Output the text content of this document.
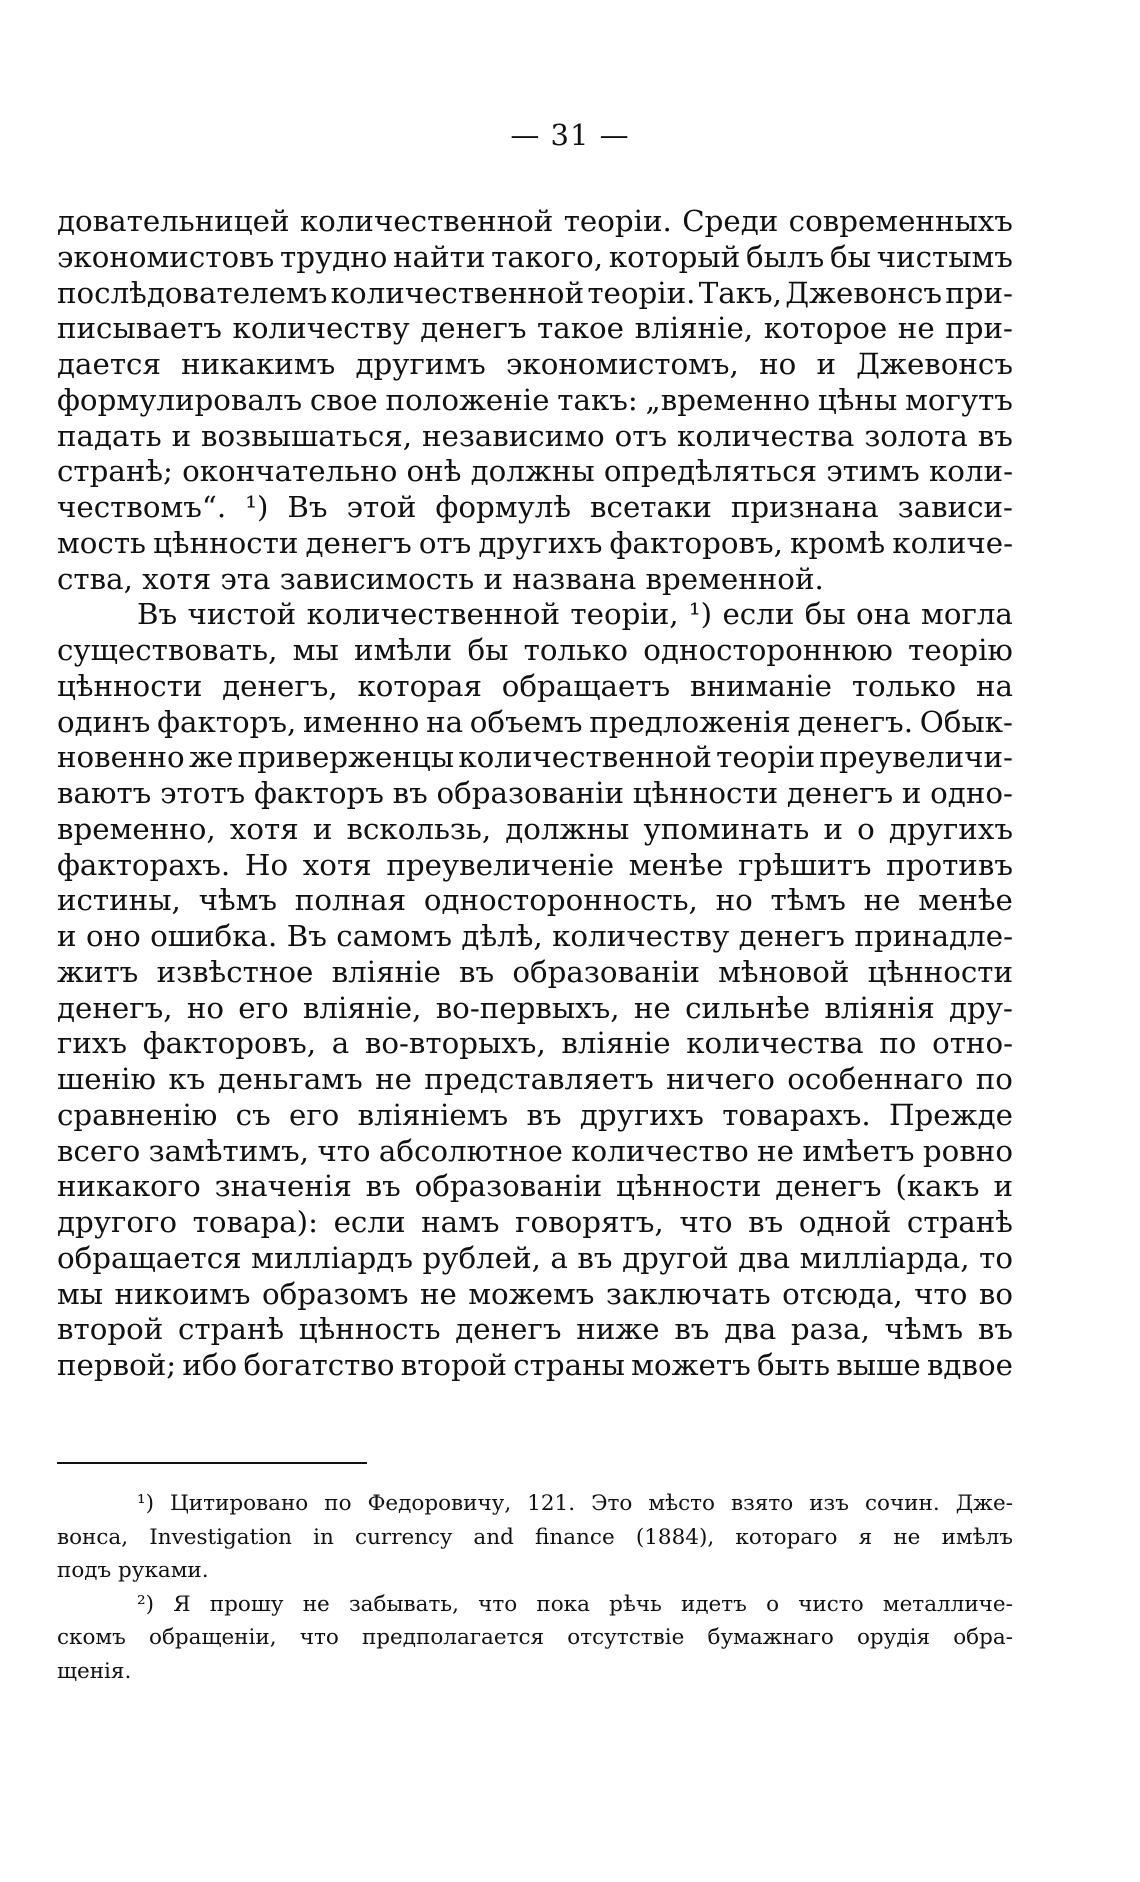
— 31 —
довательницей количественной теорiи. Среди современныхъ
экономистовъ трудно найти такого, который былъ бы чистымъ
послѣдователемъ количественной теорiи. Такъ, Джевонсъ при-
писываетъ количеству денегъ такое влiянiе, которое не при-
дается никакимъ другимъ экономистомъ, но и Джевонсъ
формулировалъ свое положенiе такъ: „временно цѣны могутъ
падать и возвышаться, независимо отъ количества золота въ
странѣ; окончательно онѣ должны опредѣляться этимъ коли-
чествомъ“. ¹) Въ этой формулѣ всетаки признана зависи-
мость цѣнности денегъ отъ другихъ факторовъ, кромѣ количе-
ства, хотя эта зависимость и названа временной.
Въ чистой количественной теорiи, ¹) если бы она могла
существовать, мы имѣли бы только одностороннюю теорiю
цѣнности денегъ, которая обращаетъ вниманiе только на
одинъ факторъ, именно на объемъ предложенiя денегъ. Обык-
новенно же приверженцы количественной теорiи преувеличи-
ваютъ этотъ факторъ въ образованiи цѣнности денегъ и одно-
временно, хотя и вскользь, должны упоминать и о другихъ
факторахъ. Но хотя преувеличенiе менѣе грѣшитъ противъ
истины, чѣмъ полная односторонность, но тѣмъ не менѣе
и оно ошибка. Въ самомъ дѣлѣ, количеству денегъ принадле-
житъ извѣстное влiянiе въ образованiи мѣновой цѣнности
денегъ, но его влiянiе, во-первыхъ, не сильнѣе влiянiя дру-
гихъ факторовъ, а во-вторыхъ, влiянiе количества по отно-
шенiю къ деньгамъ не представляетъ ничего особеннаго по
сравненiю съ его влiянiемъ въ другихъ товарахъ. Прежде
всего замѣтимъ, что абсолютное количество не имѣетъ ровно
никакого значенiя въ образованiи цѣнности денегъ (какъ и
другого товара): если намъ говорятъ, что въ одной странѣ
обращается миллiардъ рублей, а въ другой два миллiарда, то
мы никоимъ образомъ не можемъ заключать отсюда, что во
второй странѣ цѣнность денегъ ниже въ два раза, чѣмъ въ
первой; ибо богатство второй страны можетъ быть выше вдвое
¹) Цитировано по Федоровичу, 121. Это мѣсто взято изъ сочин. Дже-
вонса, Investigation in currency and finance (1884), котораго я не имѣлъ
подъ руками.
²) Я прошу не забывать, что пока рѣчь идетъ о чисто металличе-
скомъ обращенiи, что предполагается отсутствiе бумажнаго орудiя обра-
щенiя.
